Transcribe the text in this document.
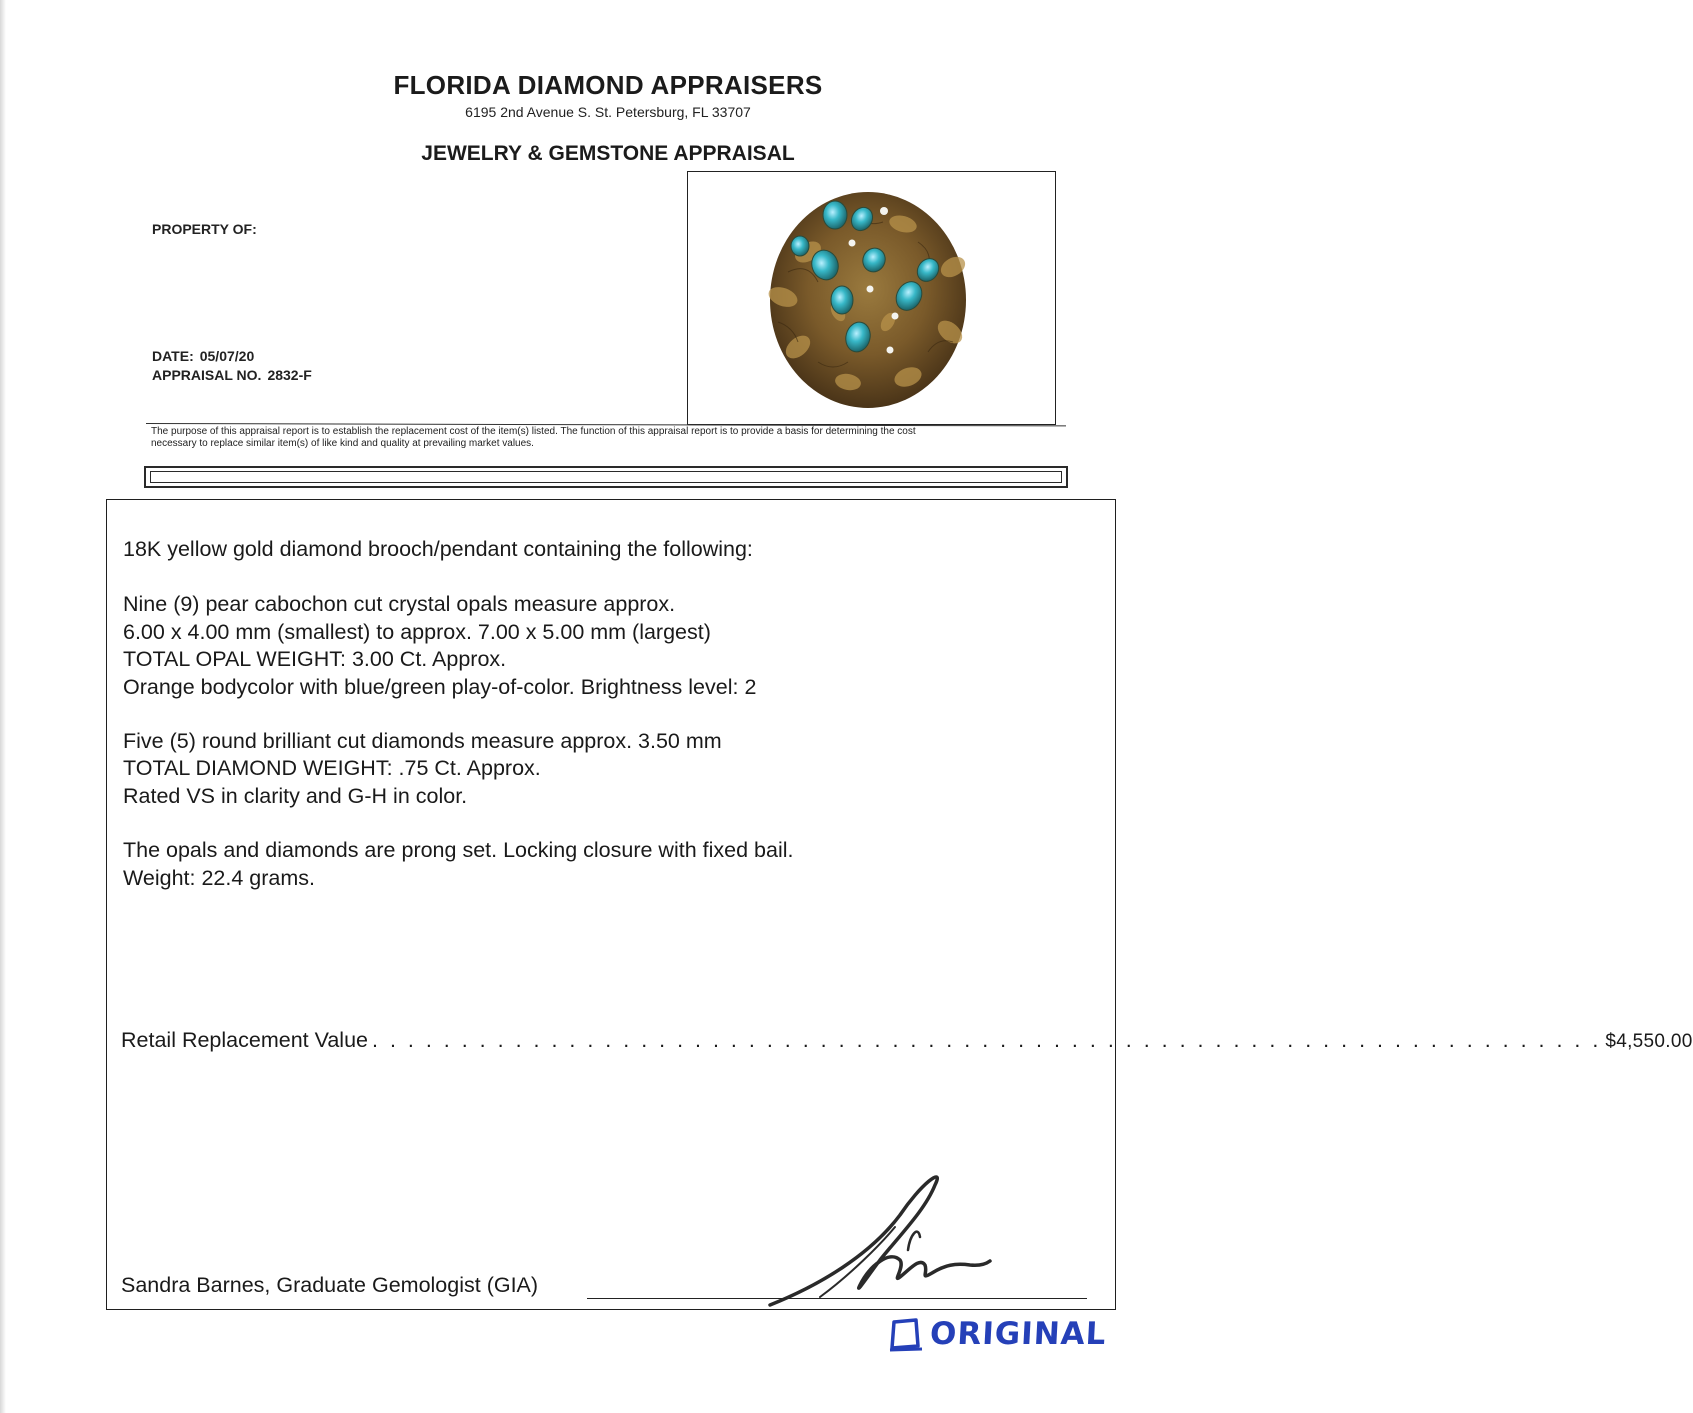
FLORIDA DIAMOND APPRAISERS
6195 2nd Avenue S. St. Petersburg, FL 33707
JEWELRY & GEMSTONE APPRAISAL
PROPERTY OF:
DATE: 05/07/20
APPRAISAL NO. 2832-F
The purpose of this appraisal report is to establish the replacement cost of the item(s) listed. The function of this appraisal report is to provide a basis for determining the cost
necessary to replace similar item(s) of like kind and quality at prevailing market values.
18K yellow gold diamond brooch/pendant containing the following:
Nine (9) pear cabochon cut crystal opals measure approx.
6.00 x 4.00 mm (smallest) to approx. 7.00 x 5.00 mm (largest)
TOTAL OPAL WEIGHT: 3.00 Ct. Approx.
Orange bodycolor with blue/green play-of-color. Brightness level: 2
Five (5) round brilliant cut diamonds measure approx. 3.50 mm
TOTAL DIAMOND WEIGHT: .75 Ct. Approx.
Rated VS in clarity and G-H in color.
The opals and diamonds are prong set. Locking closure with fixed bail.
Weight: 22.4 grams.
Retail Replacement Value . . . . . . . . . . . . . . . . . . . . . . . . . . . . . . . . . . . . . . . . . . . . . . . . . . . . . . . . . . . . . . . . . . . . . $4,550.00
Sandra Barnes, Graduate Gemologist (GIA)
ORIGINAL
